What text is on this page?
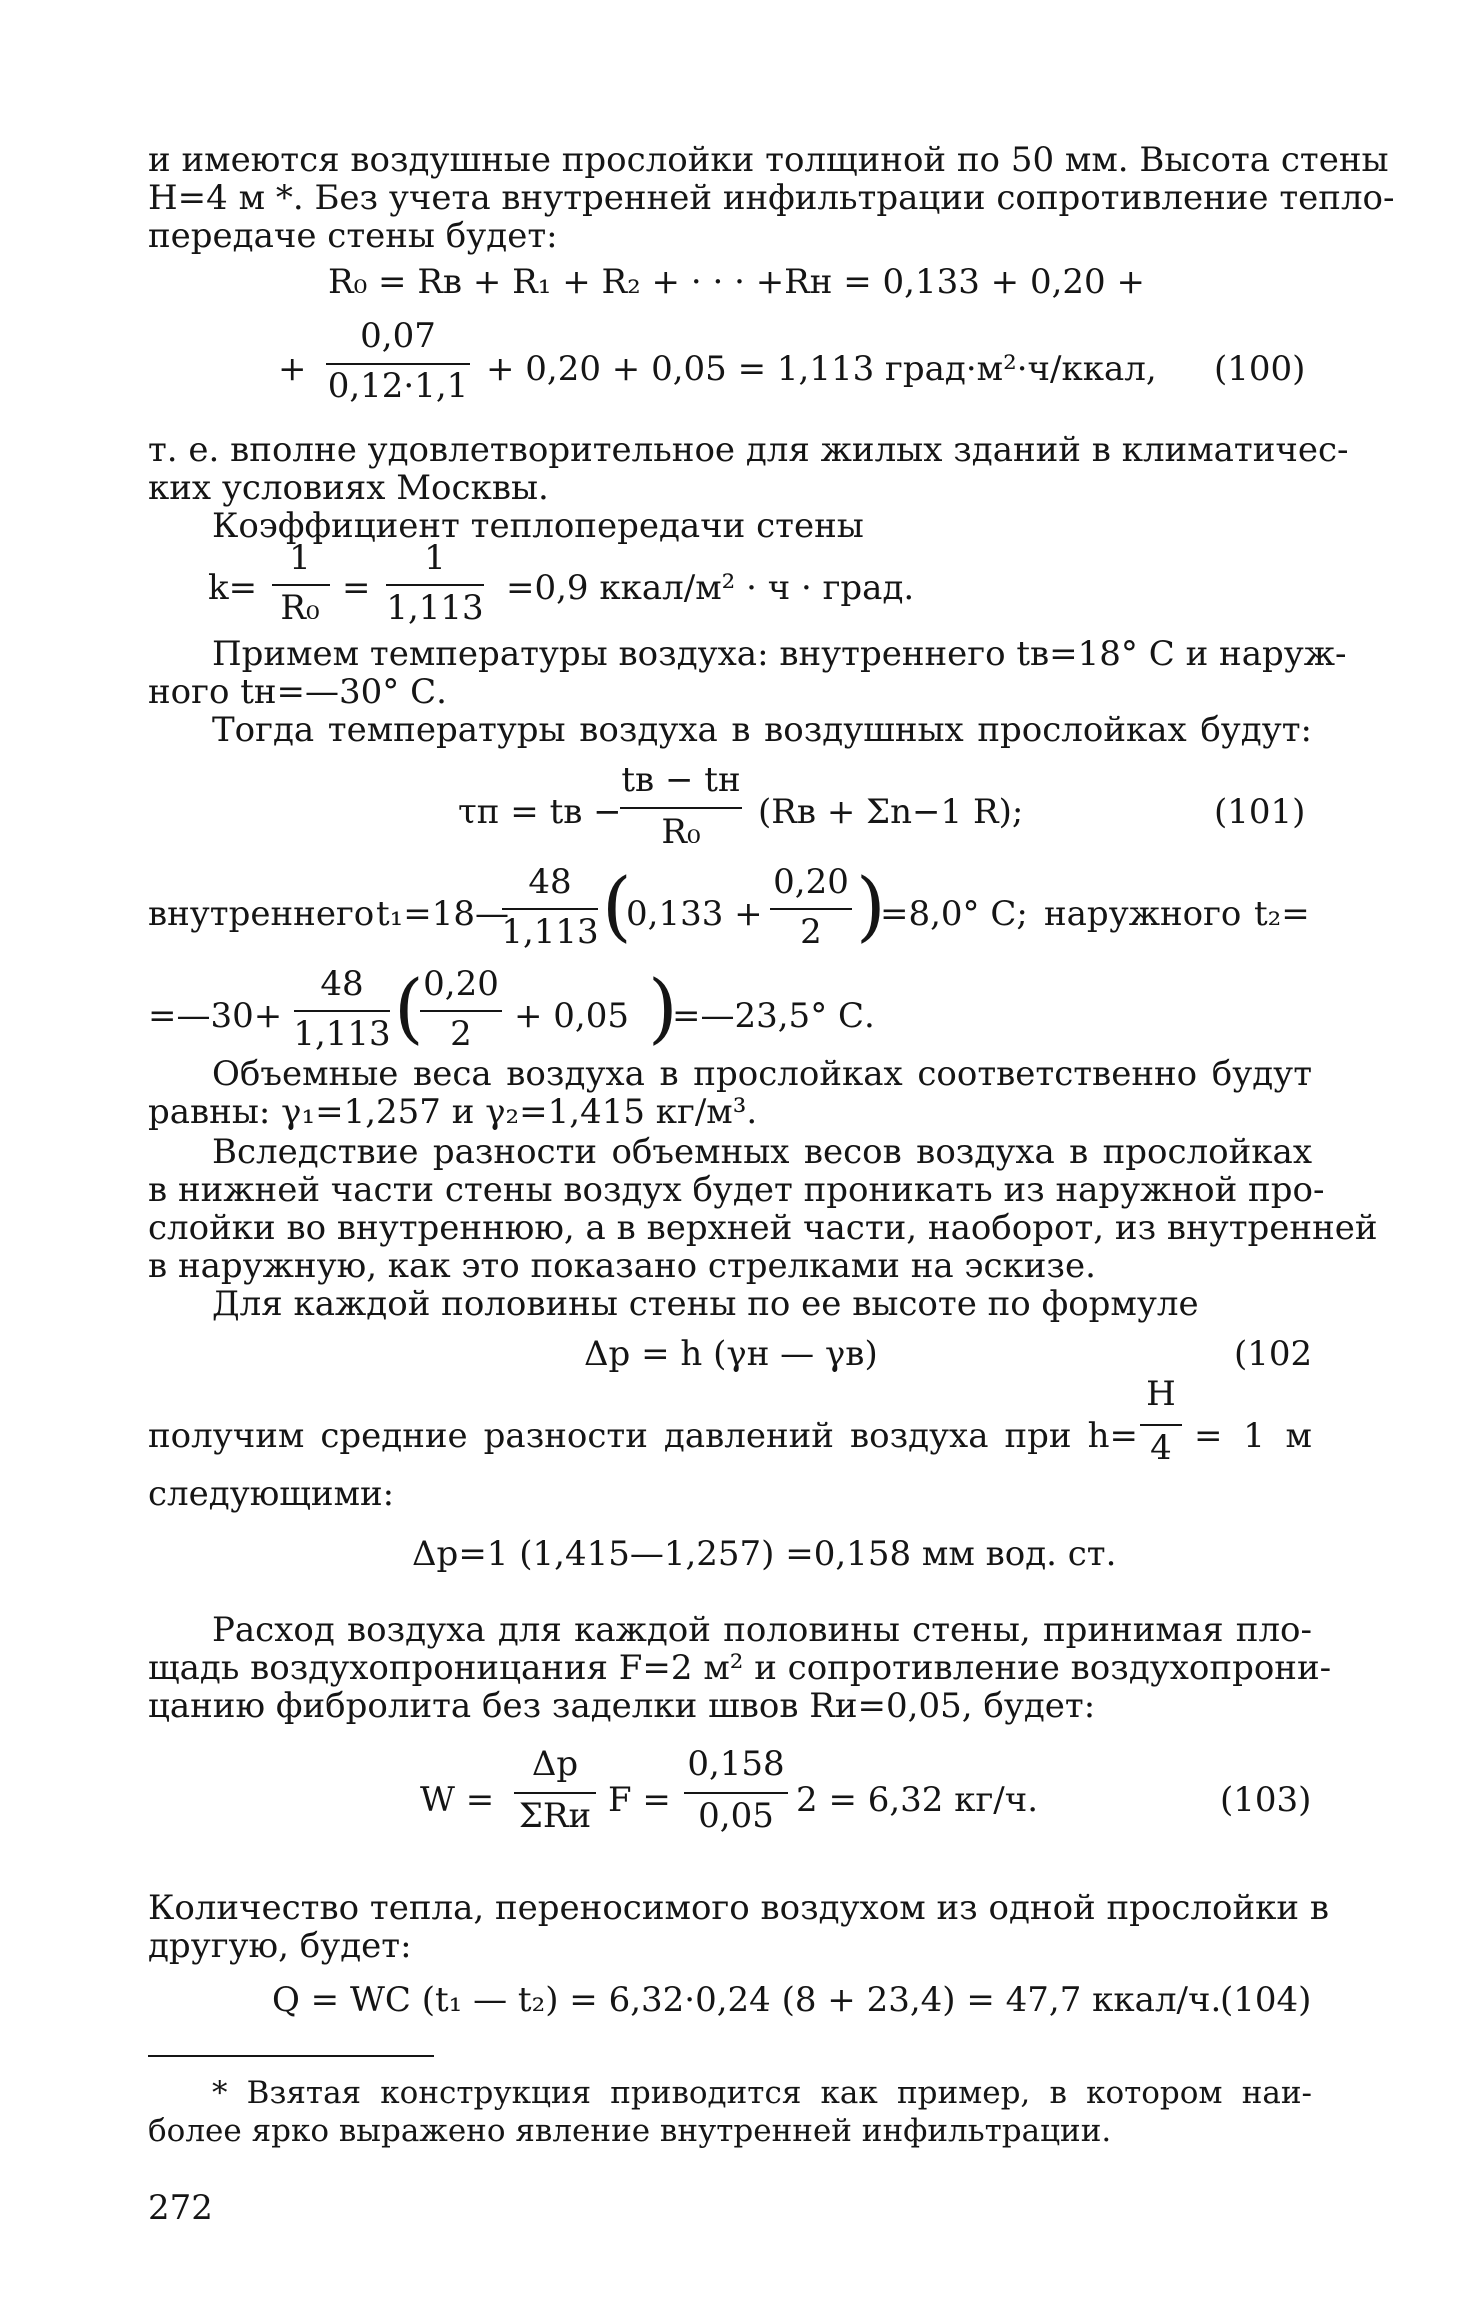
и имеются воздушные прослойки толщиной по 50 мм. Высота стены
H=4 м *. Без учета внутренней инфильтрации сопротивление тепло-
передаче стены будет:
R₀ = Rв + R₁ + R₂ + · · · +Rн = 0,133 + 0,20 +
+
0,07
0,12·1,1 + 0,20 + 0,05 = 1,113 град·м²·ч/ккал, (100)
т. е. вполне удовлетворительное для жилых зданий в климатичес-
ких условиях Москвы.
Коэффициент теплопередачи стены
k=
1
R₀ =
1
1,113 =0,9 ккал/м² · ч · град.
Примем температуры воздуха: внутреннего tв=18° С и наруж-
ного tн=—30° С.
Тогда температуры воздуха в воздушных прослойках будут:
τп = tв −
tв − tн
R₀	(Rв + Σn−1 R);	(101)
внутреннего t₁=18—
48
1,113 (
0,133 +
0,20
2 )
=8,0° С; наружного t₂=
=—30+
48
1,113 ( 0,20
2	+ 0,05 )
=—23,5° С.
Объемные веса воздуха в прослойках соответственно будут
равны: γ₁=1,257 и γ₂=1,415 кг/м³.
Вследствие разности объемных весов воздуха в прослойках
в нижней части стены воздух будет проникать из наружной про-
слойки во внутреннюю, а в верхней части, наоборот, из внутренней
в наружную, как это показано стрелками на эскизе.
Для каждой половины стены по ее высоте по формуле
Δp = h (γн — γв)	(102
получим средние разности давлений воздуха при h=
H
4 = 1 м
следующими:
Δp=1 (1,415—1,257) =0,158 мм вод. ст.
Расход воздуха для каждой половины стены, принимая пло-
щадь воздухопроницания F=2 м² и сопротивление воздухопрони-
цанию фибролита без заделки швов Rи=0,05, будет:
W =
Δp
ΣRи F =
0,158
0,05 2 = 6,32 кг/ч.	(103)
Количество тепла, переносимого воздухом из одной прослойки в
другую, будет:
Q = WC (t₁ — t₂) = 6,32·0,24 (8 + 23,4) = 47,7 ккал/ч.
(104)
* Взятая конструкция приводится как пример, в котором наи-
более ярко выражено явление внутренней инфильтрации.
272
